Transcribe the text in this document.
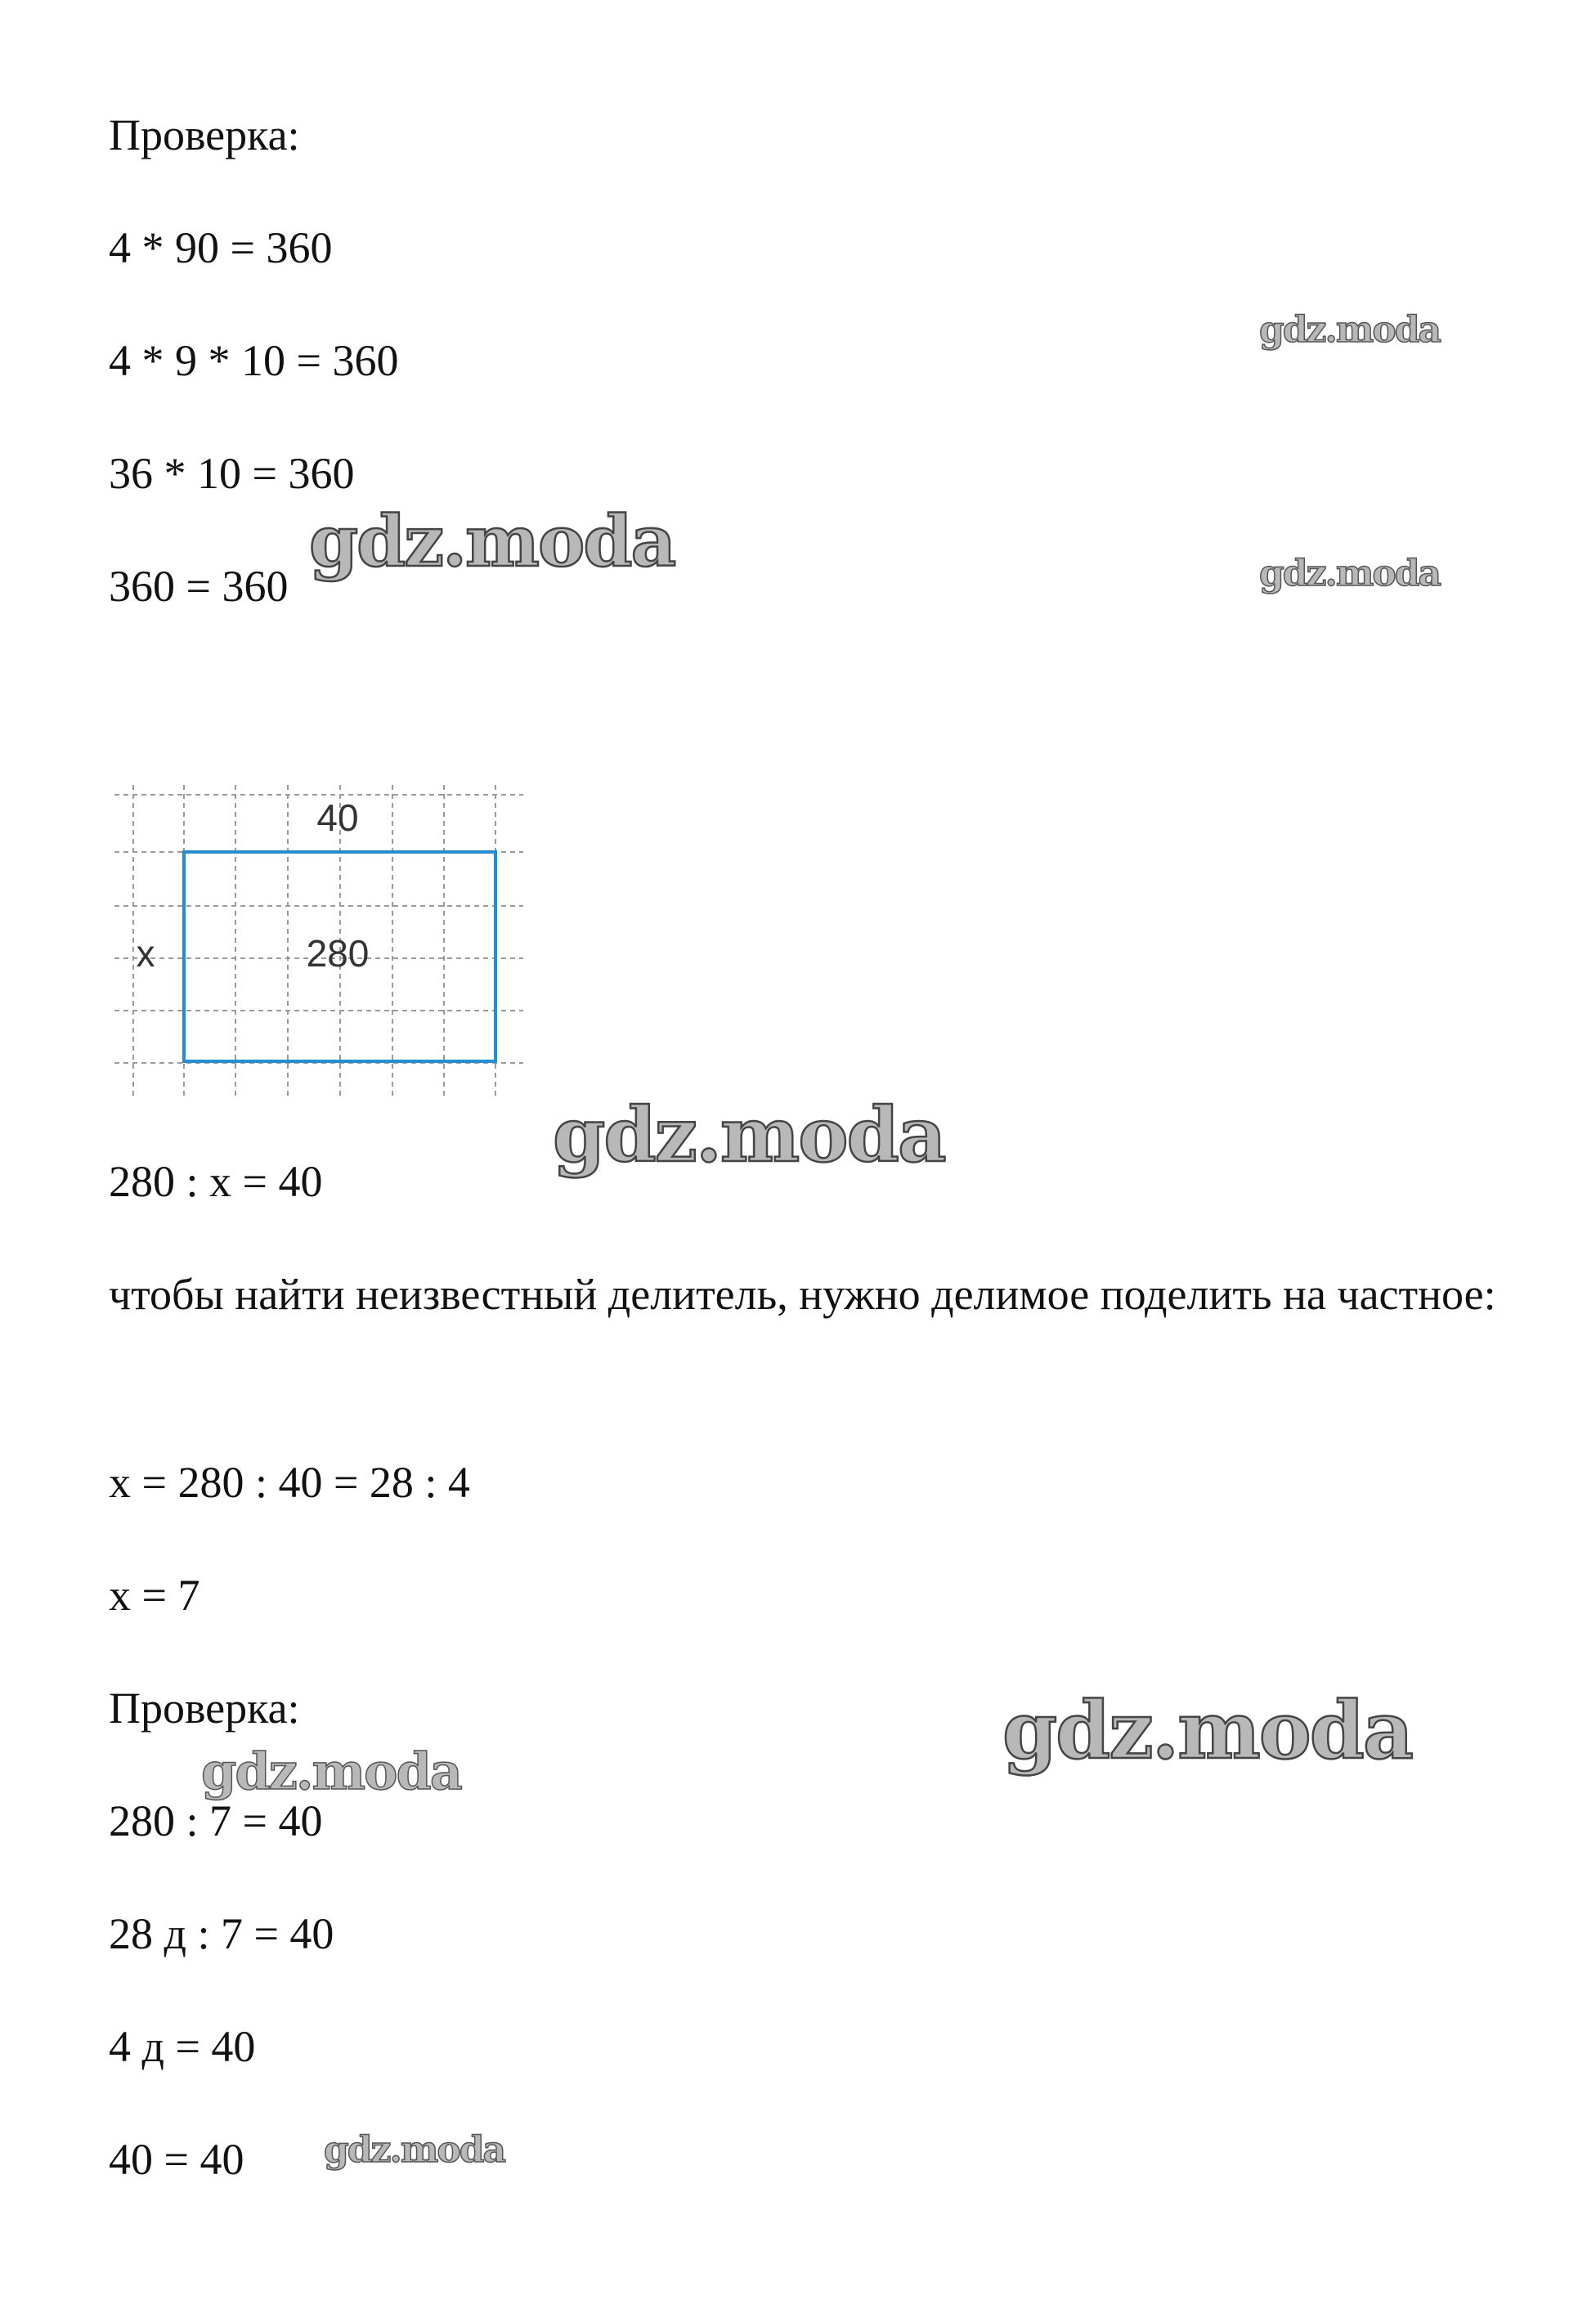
Проверка:
4 * 90 = 360
4 * 9 * 10 = 360
36 * 10 = 360
360 = 360
40
280
x
280 : x = 40
чтобы найти неизвестный делитель, нужно делимое поделить на частное:
x = 280 : 40 = 28 : 4
x = 7
Проверка:
280 : 7 = 40
28 д : 7 = 40
4 д = 40
40 = 40
gdz.moda
gdz.moda	gdz.moda
gdz.moda
gdz.moda
gdz.moda
gdz.moda
